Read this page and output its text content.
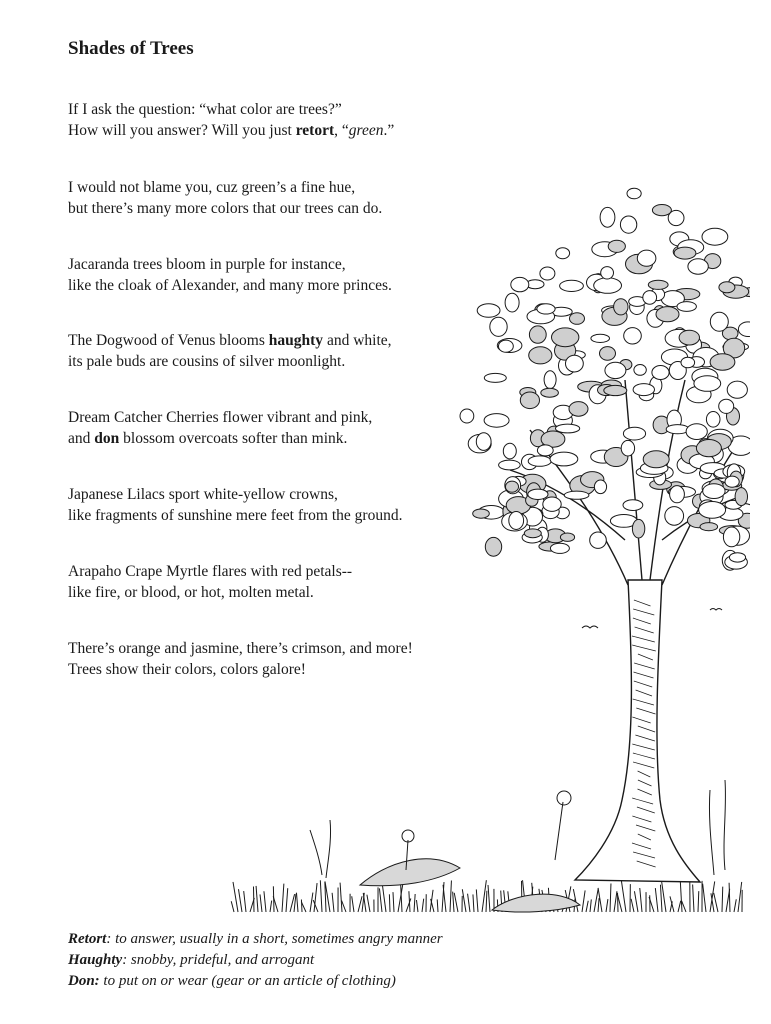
Shades of Trees

If I ask the question: “what color are trees?”
How will you answer? Will you just retort, “green.”

I would not blame you, cuz green’s a fine hue,
but there’s many more colors that our trees can do.

Jacaranda trees bloom in purple for instance,
like the cloak of Alexander, and many more princes.

The Dogwood of Venus blooms haughty and white,
its pale buds are cousins of silver moonlight.

Dream Catcher Cherries flower vibrant and pink,
and don blossom overcoats softer than mink.

Japanese Lilacs sport white-yellow crowns,
like fragments of sunshine mere feet from the ground.

Arapaho Crape Myrtle flares with red petals--
like fire, or blood, or hot, molten metal.

There’s orange and jasmine, there’s crimson, and more!
Trees show their colors, colors galore!

Retort: to answer, usually in a short, sometimes angry manner
Haughty: snobby, prideful, and arrogant
Don: to put on or wear (gear or an article of clothing)
